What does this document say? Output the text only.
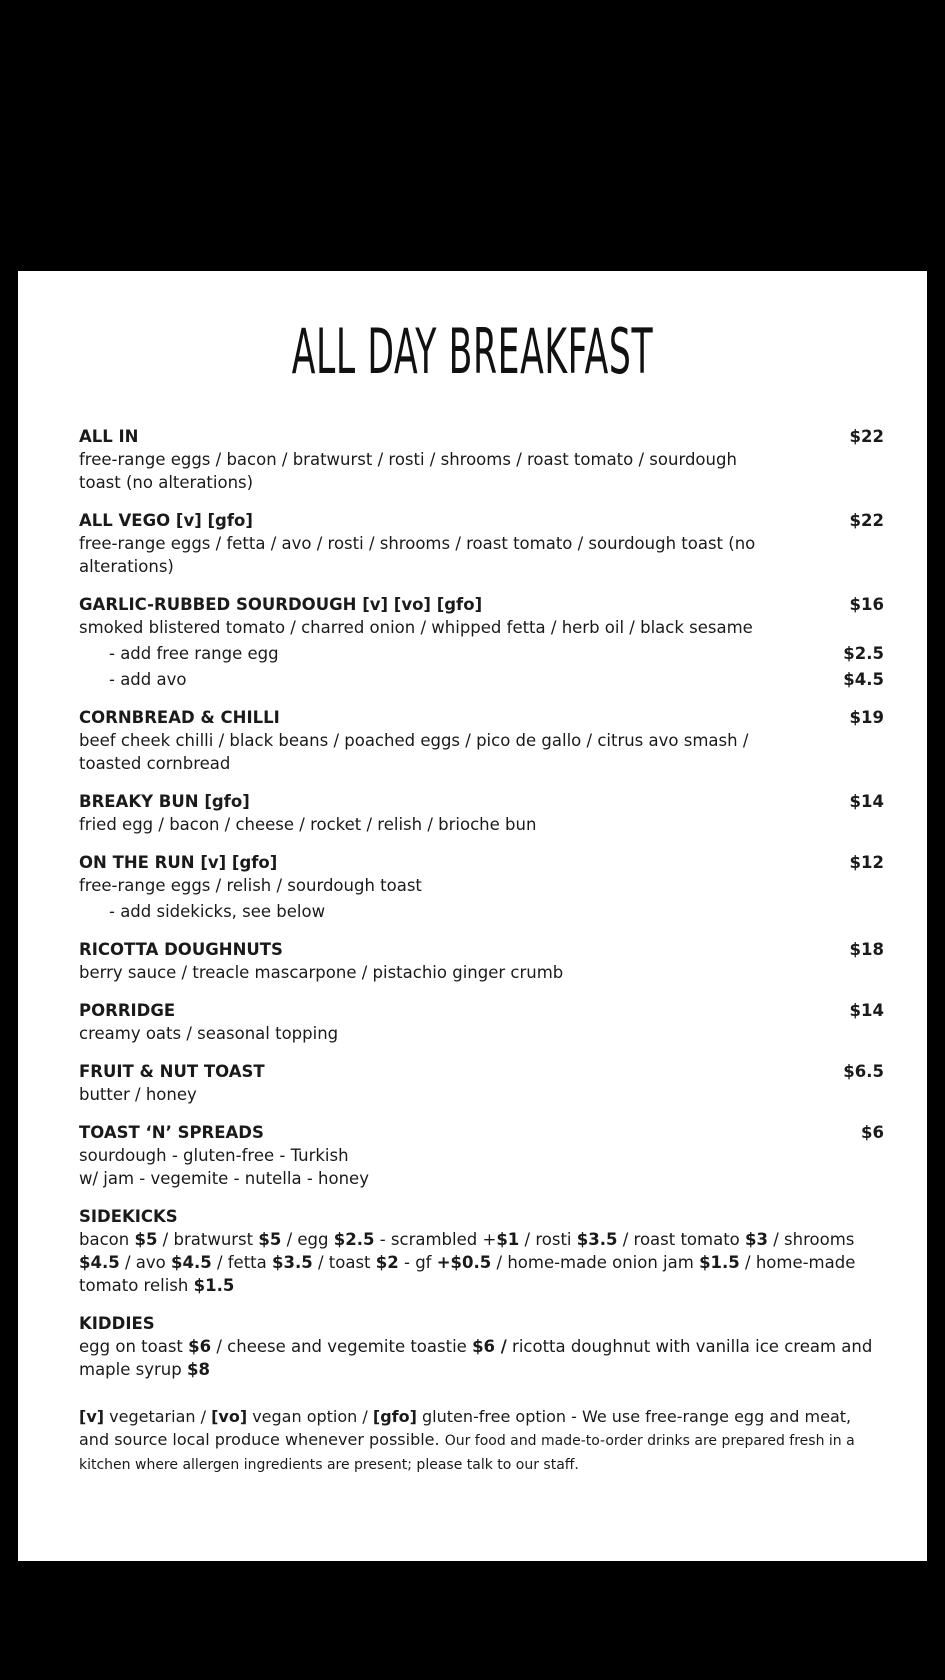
ALL DAY BREAKFAST
ALL IN	$22
free-range eggs / bacon / bratwurst / rosti / shrooms / roast tomato / sourdough toast (no alterations)
ALL VEGO [v] [gfo]	$22
free-range eggs / fetta / avo / rosti / shrooms / roast tomato / sourdough toast (no alterations)
GARLIC-RUBBED SOURDOUGH [v] [vo] [gfo]	$16
smoked blistered tomato / charred onion / whipped fetta / herb oil / black sesame
- add free range egg	$2.5
- add avo	$4.5
CORNBREAD & CHILLI	$19
beef cheek chilli / black beans / poached eggs / pico de gallo / citrus avo smash / toasted cornbread
BREAKY BUN [gfo]	$14
fried egg / bacon / cheese / rocket / relish / brioche bun
ON THE RUN [v] [gfo]	$12
free-range eggs / relish / sourdough toast
- add sidekicks, see below
RICOTTA DOUGHNUTS	$18
berry sauce / treacle mascarpone / pistachio ginger crumb
PORRIDGE	$14
creamy oats / seasonal topping
FRUIT & NUT TOAST	$6.5
butter / honey
TOAST ‘N’ SPREADS	$6
sourdough - gluten-free - Turkish
w/ jam - vegemite - nutella - honey
SIDEKICKS
bacon $5 / bratwurst $5 / egg $2.5 - scrambled +$1 / rosti $3.5 / roast tomato $3 / shrooms $4.5 / avo $4.5 / fetta $3.5 / toast $2 - gf +$0.5 / home-made onion jam $1.5 / home-made tomato relish $1.5
KIDDIES
egg on toast $6 / cheese and vegemite toastie $6 / ricotta doughnut with vanilla ice cream and maple syrup $8
[v] vegetarian / [vo] vegan option / [gfo] gluten-free option - We use free-range egg and meat, and source local produce whenever possible. Our food and made-to-order drinks are prepared fresh in a kitchen where allergen ingredients are present; please talk to our staff.
